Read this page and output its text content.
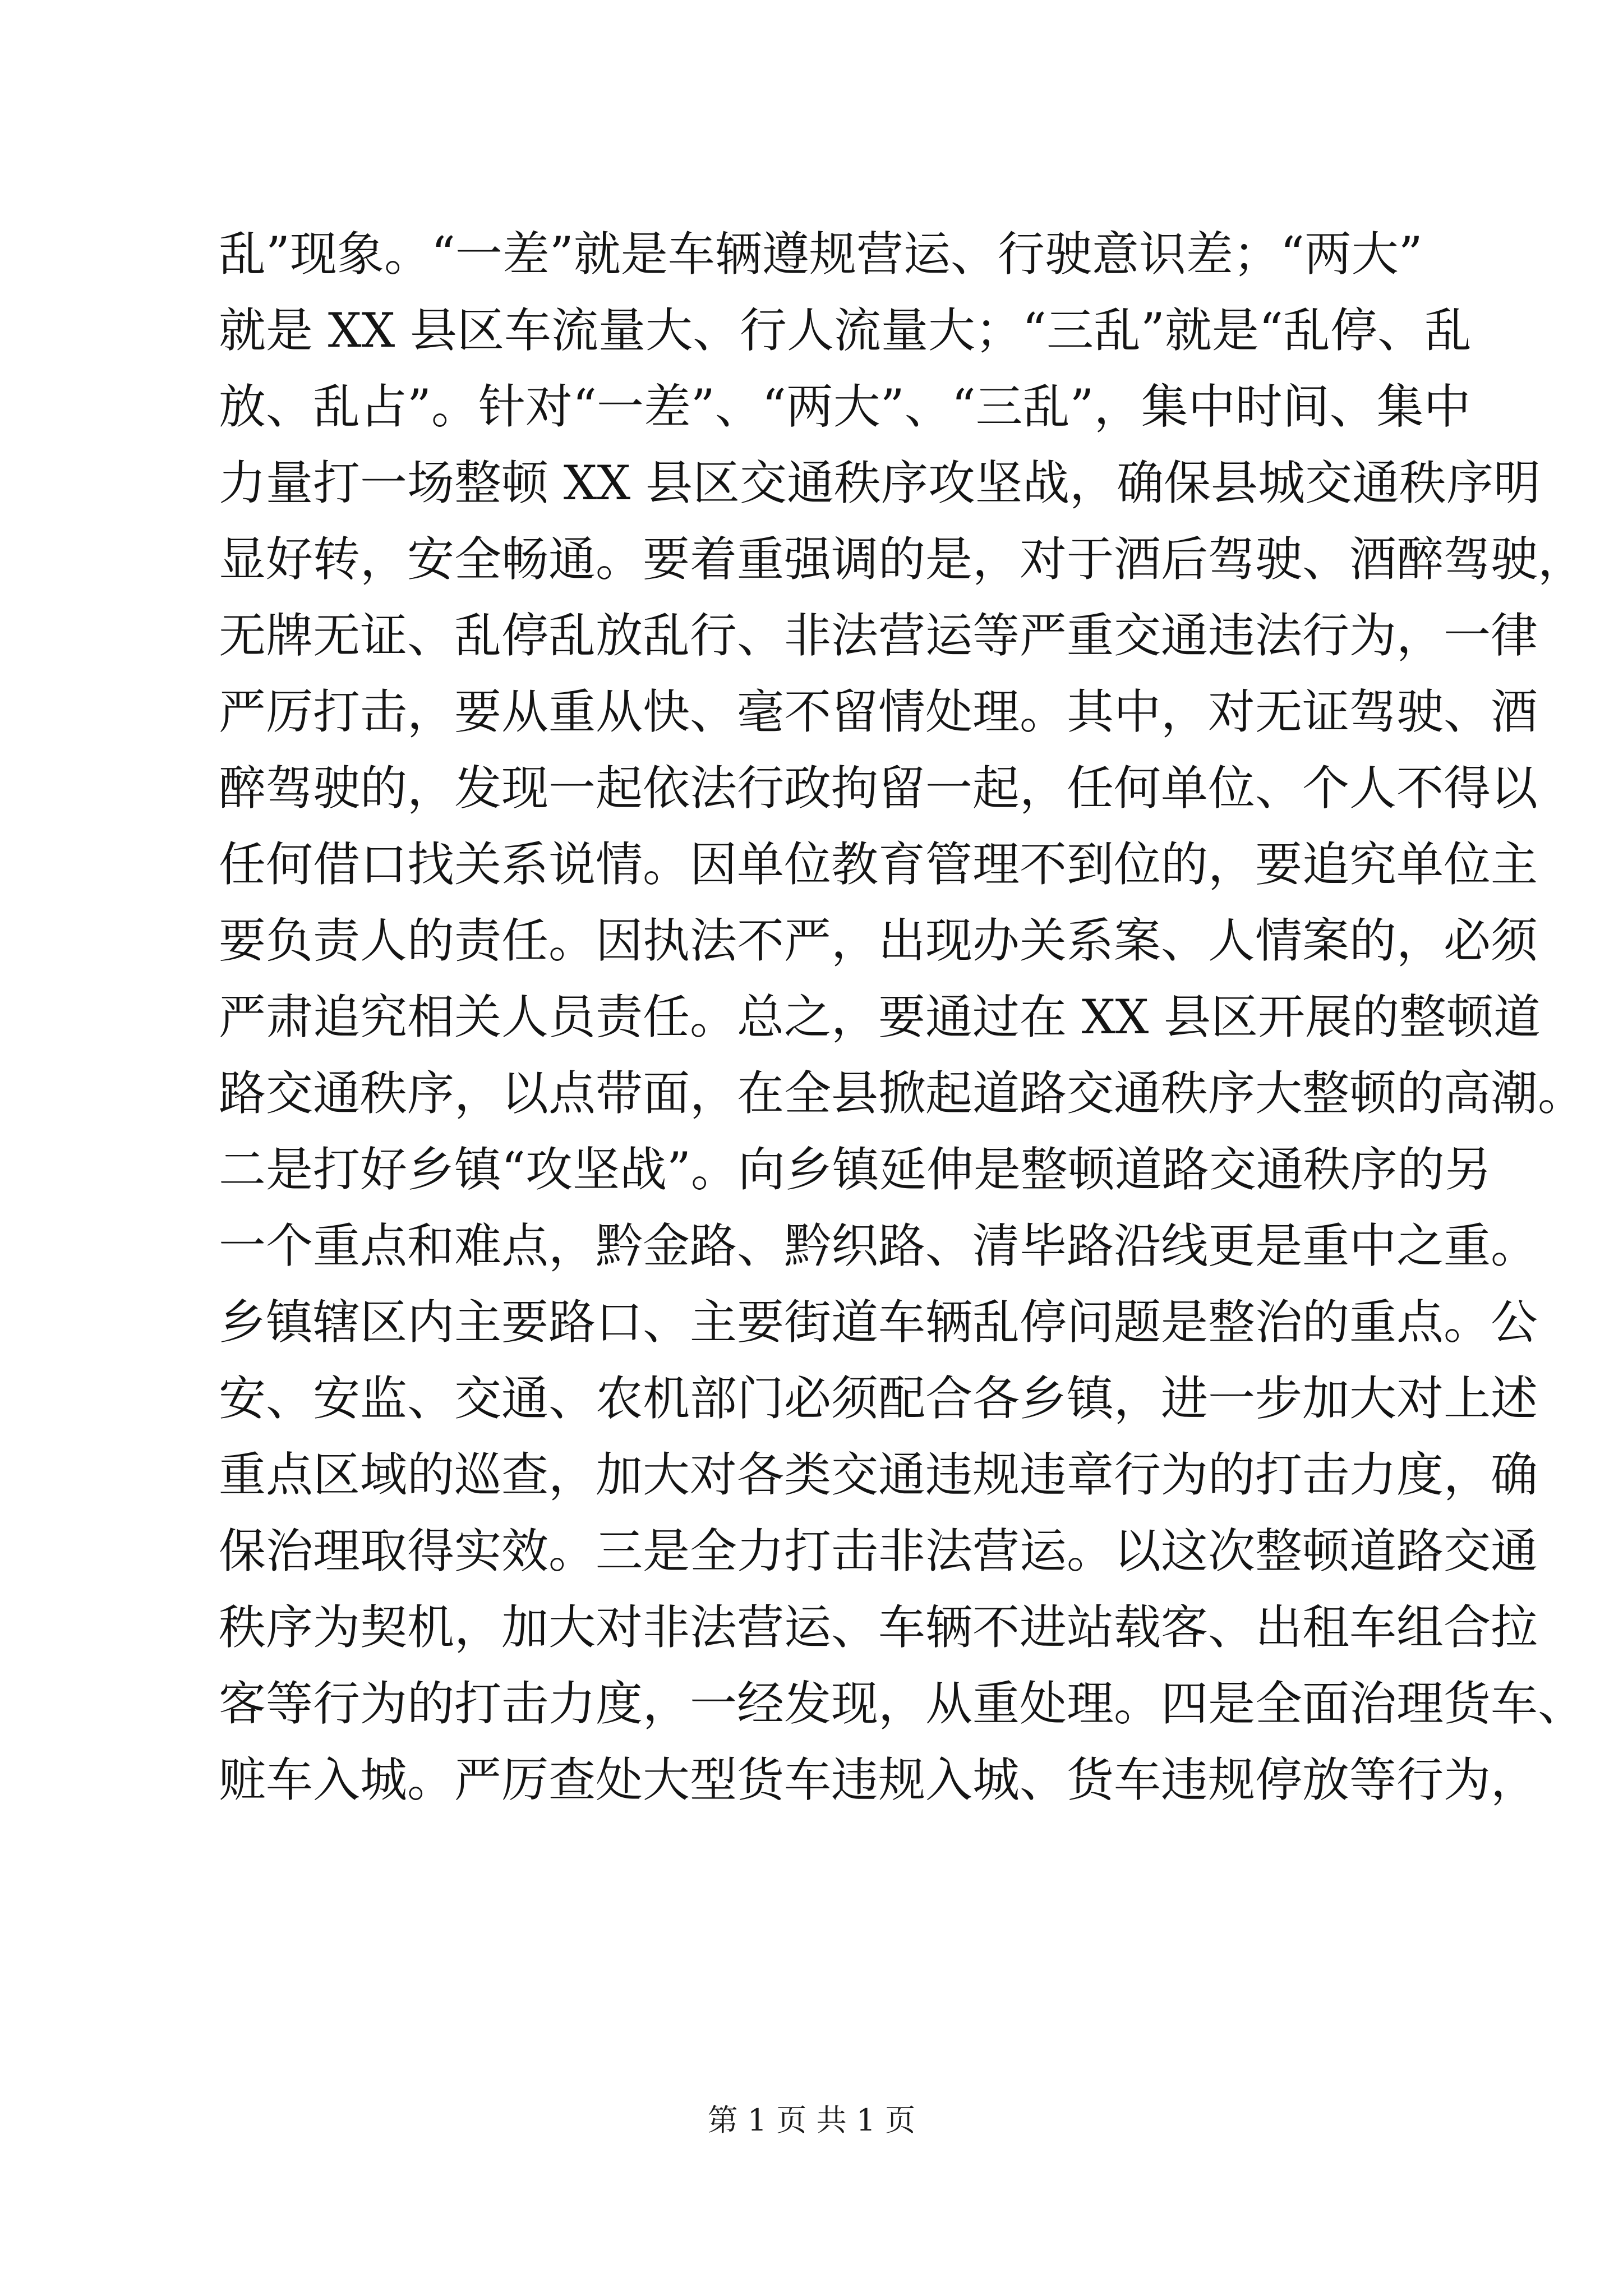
乱”现象。“一差”就是车辆遵规营运、行驶意识差；“两大”
就是 XX 县区车流量大、行人流量大；“三乱”就是“乱停、乱
放、乱占”。针对“一差”、“两大”、“三乱”，集中时间、集中
力量打一场整顿 XX 县区交通秩序攻坚战，确保县城交通秩序明
显好转，安全畅通。要着重强调的是，对于酒后驾驶、酒醉驾驶，
无牌无证、乱停乱放乱行、非法营运等严重交通违法行为，一律
严厉打击，要从重从快、毫不留情处理。其中，对无证驾驶、酒
醉驾驶的，发现一起依法行政拘留一起，任何单位、个人不得以
任何借口找关系说情。因单位教育管理不到位的，要追究单位主
要负责人的责任。因执法不严，出现办关系案、人情案的，必须
严肃追究相关人员责任。总之，要通过在 XX 县区开展的整顿道
路交通秩序，以点带面，在全县掀起道路交通秩序大整顿的高潮。
二是打好乡镇“攻坚战”。向乡镇延伸是整顿道路交通秩序的另
一个重点和难点，黔金路、黔织路、清毕路沿线更是重中之重。
乡镇辖区内主要路口、主要街道车辆乱停问题是整治的重点。公
安、安监、交通、农机部门必须配合各乡镇，进一步加大对上述
重点区域的巡查，加大对各类交通违规违章行为的打击力度，确
保治理取得实效。三是全力打击非法营运。以这次整顿道路交通
秩序为契机，加大对非法营运、车辆不进站载客、出租车组合拉
客等行为的打击力度，一经发现，从重处理。四是全面治理货车、
赃车入城。严厉查处大型货车违规入城、货车违规停放等行为，
第 1 页 共 1 页
